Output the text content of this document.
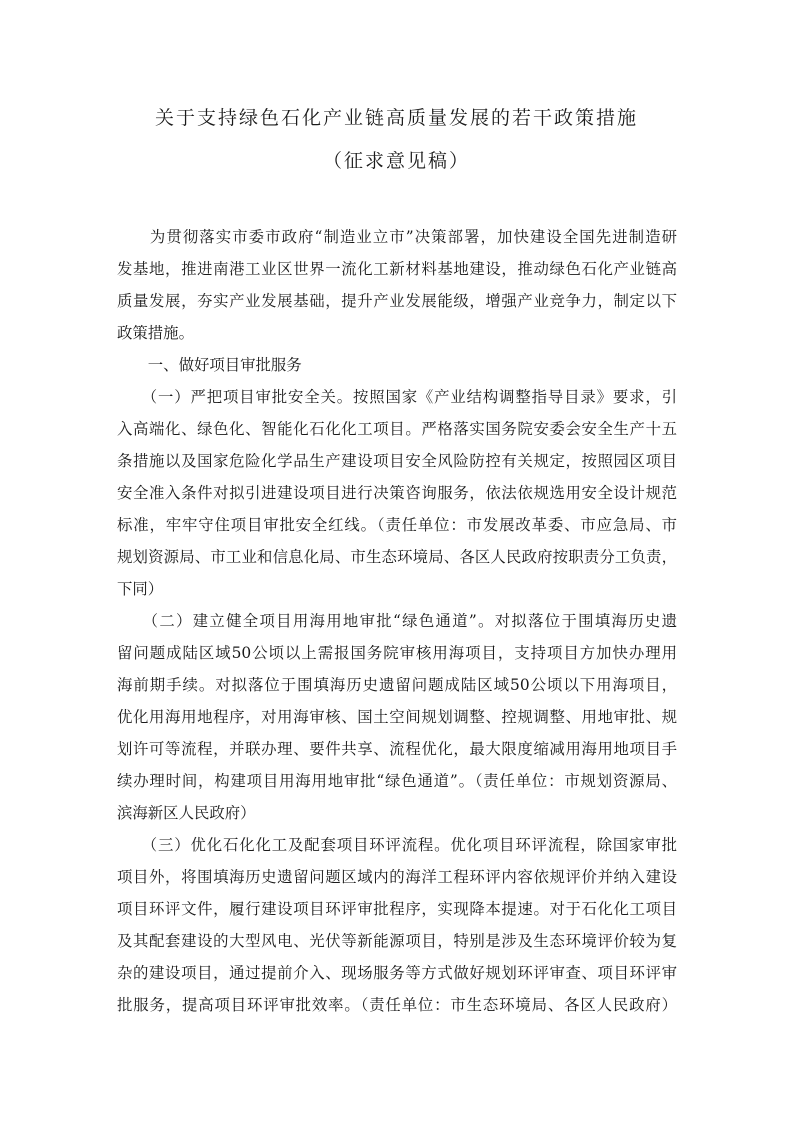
关于支持绿色石化产业链高质量发展的若干政策措施
（征求意见稿）
　　为贯彻落实市委市政府“制造业立市”决策部署，加快建设全国先进制造研
发基地，推进南港工业区世界一流化工新材料基地建设，推动绿色石化产业链高
质量发展，夯实产业发展基础，提升产业发展能级，增强产业竞争力，制定以下
政策措施。
　　一、做好项目审批服务
　　（一）严把项目审批安全关。按照国家《产业结构调整指导目录》要求，引
入高端化、绿色化、智能化石化化工项目。严格落实国务院安委会安全生产十五
条措施以及国家危险化学品生产建设项目安全风险防控有关规定，按照园区项目
安全准入条件对拟引进建设项目进行决策咨询服务，依法依规选用安全设计规范
标准，牢牢守住项目审批安全红线。（责任单位：市发展改革委、市应急局、市
规划资源局、市工业和信息化局、市生态环境局、各区人民政府按职责分工负责，
下同）
　　（二）建立健全项目用海用地审批“绿色通道”。对拟落位于围填海历史遗
留问题成陆区域50公顷以上需报国务院审核用海项目，支持项目方加快办理用
海前期手续。对拟落位于围填海历史遗留问题成陆区域50公顷以下用海项目，
优化用海用地程序，对用海审核、国土空间规划调整、控规调整、用地审批、规
划许可等流程，并联办理、要件共享、流程优化，最大限度缩减用海用地项目手
续办理时间，构建项目用海用地审批“绿色通道”。（责任单位：市规划资源局、
滨海新区人民政府）
　　（三）优化石化化工及配套项目环评流程。优化项目环评流程，除国家审批
项目外，将围填海历史遗留问题区域内的海洋工程环评内容依规评价并纳入建设
项目环评文件，履行建设项目环评审批程序，实现降本提速。对于石化化工项目
及其配套建设的大型风电、光伏等新能源项目，特别是涉及生态环境评价较为复
杂的建设项目，通过提前介入、现场服务等方式做好规划环评审查、项目环评审
批服务，提高项目环评审批效率。（责任单位：市生态环境局、各区人民政府）
